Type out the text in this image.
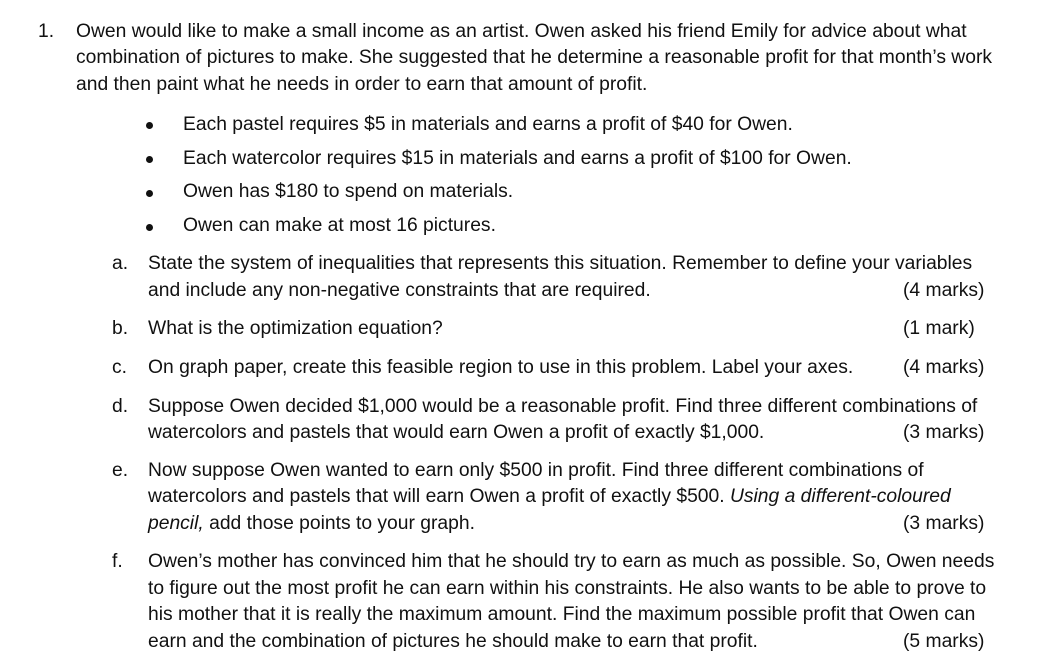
1. Owen would like to make a small income as an artist. Owen asked his friend Emily for advice about what
combination of pictures to make. She suggested that he determine a reasonable profit for that month’s work
and then paint what he needs in order to earn that amount of profit.
Each pastel requires $5 in materials and earns a profit of $40 for Owen.
Each watercolor requires $15 in materials and earns a profit of $100 for Owen.
Owen has $180 to spend on materials.
Owen can make at most 16 pictures.
a. State the system of inequalities that represents this situation. Remember to define your variables
and include any non-negative constraints that are required.	(4 marks)
b. What is the optimization equation?	(1 mark)
c. On graph paper, create this feasible region to use in this problem. Label your axes.	(4 marks)
d. Suppose Owen decided $1,000 would be a reasonable profit. Find three different combinations of
watercolors and pastels that would earn Owen a profit of exactly $1,000.	(3 marks)
e. Now suppose Owen wanted to earn only $500 in profit. Find three different combinations of
watercolors and pastels that will earn Owen a profit of exactly $500. Using a different-coloured
pencil, add those points to your graph.	(3 marks)
f. Owen’s mother has convinced him that he should try to earn as much as possible. So, Owen needs
to figure out the most profit he can earn within his constraints. He also wants to be able to prove to
his mother that it is really the maximum amount. Find the maximum possible profit that Owen can
earn and the combination of pictures he should make to earn that profit.	(5 marks)
